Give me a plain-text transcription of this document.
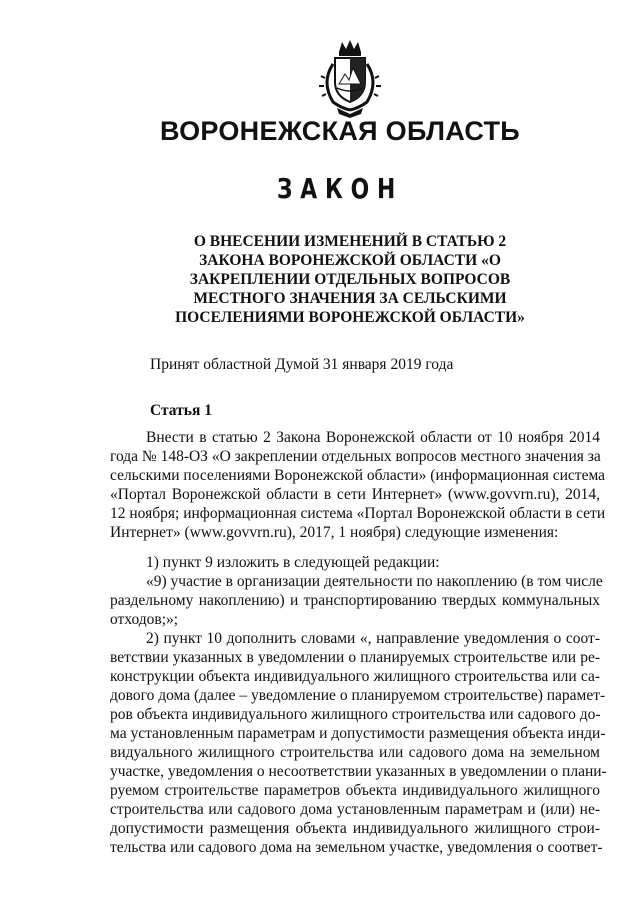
ВОРОНЕЖСКАЯ ОБЛАСТЬ
ЗАКОН
О ВНЕСЕНИИ ИЗМЕНЕНИЙ В СТАТЬЮ 2
ЗАКОНА ВОРОНЕЖСКОЙ ОБЛАСТИ «О
ЗАКРЕПЛЕНИИ ОТДЕЛЬНЫХ ВОПРОСОВ
МЕСТНОГО ЗНАЧЕНИЯ ЗА СЕЛЬСКИМИ
ПОСЕЛЕНИЯМИ ВОРОНЕЖСКОЙ ОБЛАСТИ»
Принят областной Думой 31 января 2019 года
Статья 1
Внести в статью 2 Закона Воронежской области от 10 ноября 2014
года № 148-ОЗ «О закреплении отдельных вопросов местного значения за
сельскими поселениями Воронежской области» (информационная система
«Портал Воронежской области в сети Интернет» (www.govvrn.ru), 2014,
12 ноября; информационная система «Портал Воронежской области в сети
Интернет» (www.govvrn.ru), 2017, 1 ноября) следующие изменения:
1) пункт 9 изложить в следующей редакции:
«9) участие в организации деятельности по накоплению (в том числе
раздельному накоплению) и транспортированию твердых коммунальных
отходов;»;
2) пункт 10 дополнить словами «, направление уведомления о соот-
ветствии указанных в уведомлении о планируемых строительстве или ре-
конструкции объекта индивидуального жилищного строительства или са-
дового дома (далее – уведомление о планируемом строительстве) парамет-
ров объекта индивидуального жилищного строительства или садового до-
ма установленным параметрам и допустимости размещения объекта инди-
видуального жилищного строительства или садового дома на земельном
участке, уведомления о несоответствии указанных в уведомлении о плани-
руемом строительстве параметров объекта индивидуального жилищного
строительства или садового дома установленным параметрам и (или) не-
допустимости размещения объекта индивидуального жилищного строи-
тельства или садового дома на земельном участке, уведомления о соответ-
